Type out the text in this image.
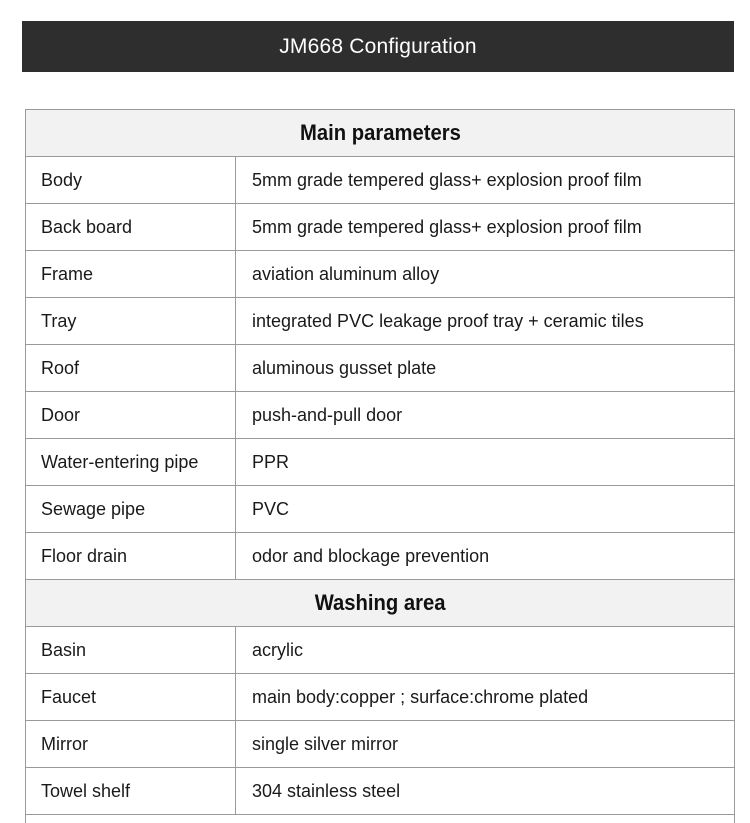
JM668 Configuration
Main parameters
Body	5mm grade tempered glass+ explosion proof film
Back board	5mm grade tempered glass+ explosion proof film
Frame	aviation aluminum alloy
Tray	integrated PVC leakage proof tray + ceramic tiles
Roof	aluminous gusset plate
Door	push-and-pull door
Water-entering pipe	PPR
Sewage pipe	PVC
Floor drain	odor and blockage prevention
Washing area
Basin	acrylic
Faucet	main body:copper ; surface:chrome plated
Mirror	single silver mirror
Towel shelf	304 stainless steel
